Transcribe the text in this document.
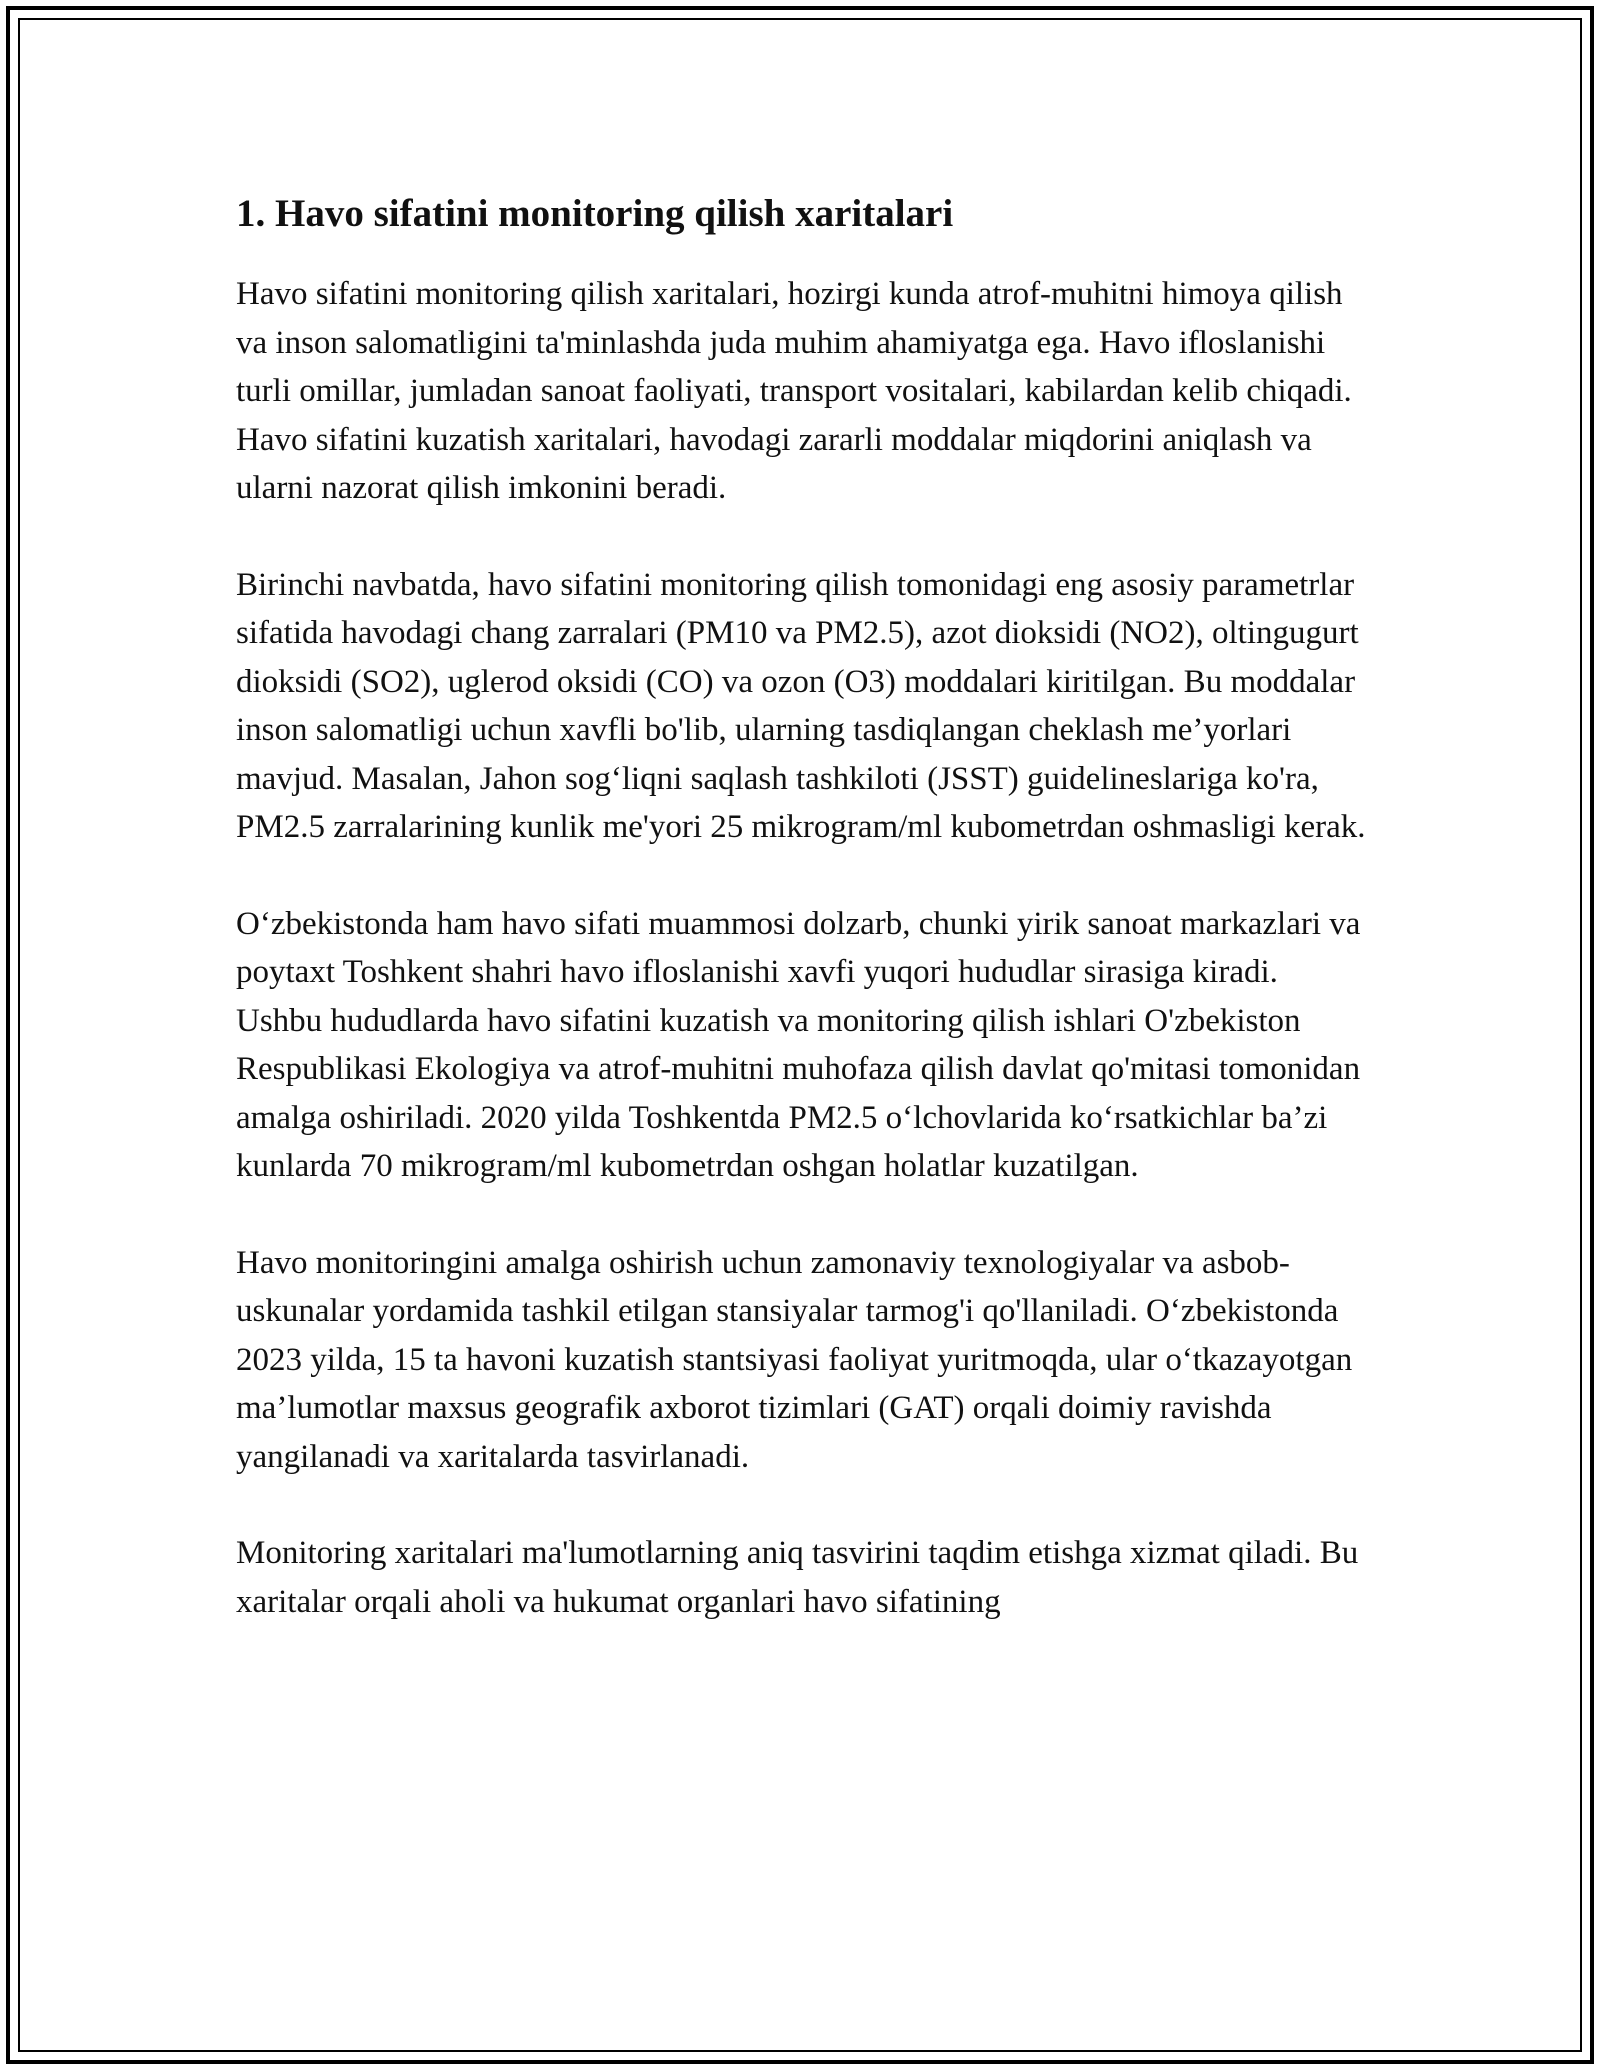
1. Havo sifatini monitoring qilish xaritalari

Havo sifatini monitoring qilish xaritalari, hozirgi kunda atrof-muhitni himoya qilish va inson salomatligini ta'minlashda juda muhim ahamiyatga ega. Havo ifloslanishi turli omillar, jumladan sanoat faoliyati, transport vositalari, kabilardan kelib chiqadi. Havo sifatini kuzatish xaritalari, havodagi zararli moddalar miqdorini aniqlash va ularni nazorat qilish imkonini beradi.

Birinchi navbatda, havo sifatini monitoring qilish tomonidagi eng asosiy parametrlar sifatida havodagi chang zarralari (PM10 va PM2.5), azot dioksidi (NO2), oltingugurt dioksidi (SO2), uglerod oksidi (CO) va ozon (O3) moddalari kiritilgan. Bu moddalar inson salomatligi uchun xavfli bo'lib, ularning tasdiqlangan cheklash me’yorlari mavjud. Masalan, Jahon sog‘liqni saqlash tashkiloti (JSST) guidelineslariga ko'ra, PM2.5 zarralarining kunlik me'yori 25 mikrogram/ml kubometrdan oshmasligi kerak.

O‘zbekistonda ham havo sifati muammosi dolzarb, chunki yirik sanoat markazlari va poytaxt Toshkent shahri havo ifloslanishi xavfi yuqori hududlar sirasiga kiradi. Ushbu hududlarda havo sifatini kuzatish va monitoring qilish ishlari O'zbekiston Respublikasi Ekologiya va atrof-muhitni muhofaza qilish davlat qo'mitasi tomonidan amalga oshiriladi. 2020 yilda Toshkentda PM2.5 o‘lchovlarida ko‘rsatkichlar ba’zi kunlarda 70 mikrogram/ml kubometrdan oshgan holatlar kuzatilgan.

Havo monitoringini amalga oshirish uchun zamonaviy texnologiyalar va asbob-uskunalar yordamida tashkil etilgan stansiyalar tarmog'i qo'llaniladi. O‘zbekistonda 2023 yilda, 15 ta havoni kuzatish stantsiyasi faoliyat yuritmoqda, ular o‘tkazayotgan ma’lumotlar maxsus geografik axborot tizimlari (GAT) orqali doimiy ravishda yangilanadi va xaritalarda tasvirlanadi.

Monitoring xaritalari ma'lumotlarning aniq tasvirini taqdim etishga xizmat qiladi. Bu xaritalar orqali aholi va hukumat organlari havo sifatining
